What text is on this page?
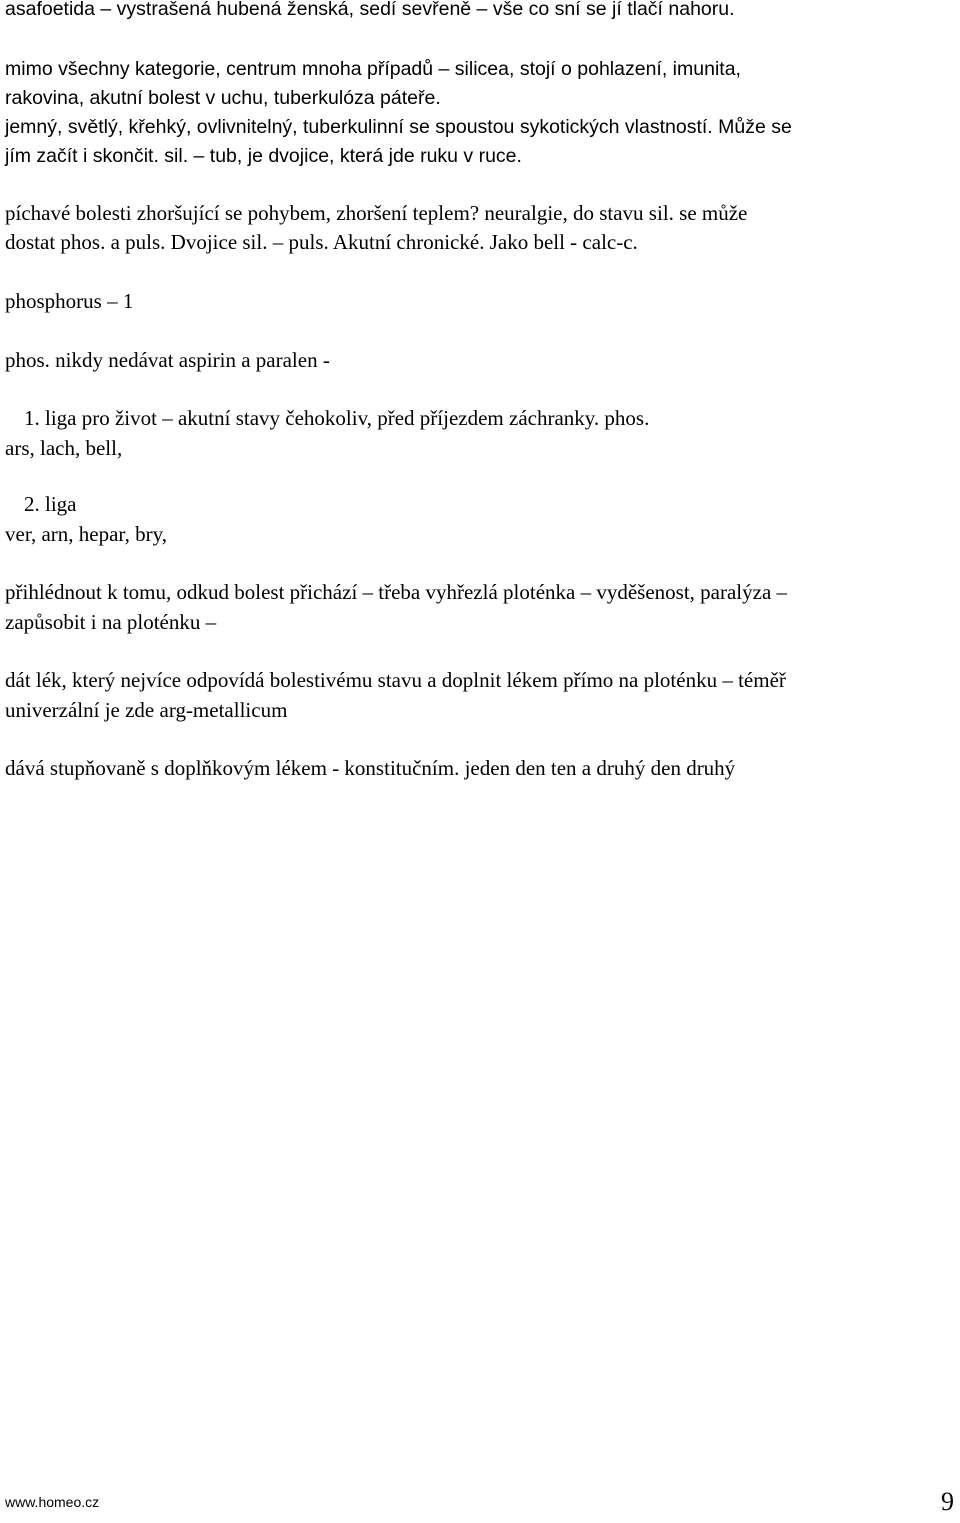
asafoetida – vystrašená hubená ženská, sedí sevřeně – vše co sní se jí tlačí nahoru.

mimo všechny kategorie, centrum mnoha případů – silicea, stojí o pohlazení, imunita,

rakovina, akutní bolest v uchu, tuberkulóza páteře.

jemný, světlý, křehký, ovlivnitelný, tuberkulinní se spoustou sykotických vlastností. Může se

jím začít i skončit. sil. – tub, je dvojice, která jde ruku v ruce.

píchavé bolesti zhoršující se pohybem, zhoršení teplem? neuralgie, do stavu sil. se může

dostat phos. a puls. Dvojice sil. – puls. Akutní chronické. Jako bell - calc-c.

phosphorus – 1

phos. nikdy nedávat aspirin a paralen -

1. liga pro život – akutní stavy čehokoliv, před příjezdem záchranky. phos.

ars, lach, bell,

2. liga

ver, arn, hepar, bry,

přihlédnout k tomu, odkud bolest přichází – třeba vyhřezlá ploténka – vyděšenost, paralýza –

zapůsobit i na ploténku –

dát lék, který nejvíce odpovídá bolestivému stavu a doplnit lékem přímo na ploténku – téměř

univerzální je zde arg-metallicum

dává stupňovaně s doplňkovým lékem - konstitučním. jeden den ten a druhý den druhý

www.homeo.cz	9
